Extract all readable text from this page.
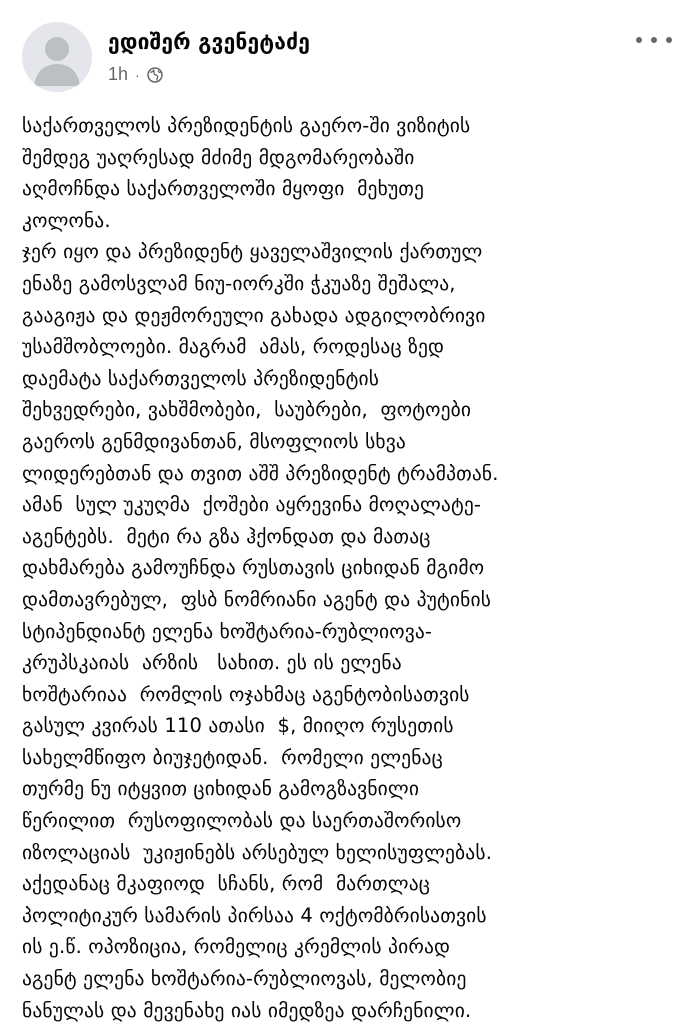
ედიშერ გვენეტაძე
1h ·
საქართველოს პრეზიდენტის გაერო-ში ვიზიტის
შემდეგ უაღრესად მძიმე მდგომარეობაში
აღმოჩნდა საქართველოში მყოფი  მეხუთე
კოლონა.
ჯერ იყო და პრეზიდენტ ყაველაშვილის ქართულ
ენაზე გამოსვლამ ნიუ-იორკში ჭკუაზე შეშალა,
გააგიჟა და დეჟმორეული გახადა ადგილობრივი
უსამშობლოები. მაგრამ  ამას, როდესაც ზედ
დაემატა საქართველოს პრეზიდენტის
შეხვედრები, ვახშმობები,  საუბრები,  ფოტოები
გაეროს გენმდივანთან, მსოფლიოს სხვა
ლიდერებთან და თვით აშშ პრეზიდენტ ტრამპთან.
ამან  სულ უკუღმა  ქოშები აყრევინა მოღალატე-
აგენტებს.  მეტი რა გზა ჰქონდათ და მათაც
დახმარება გამოუჩნდა რუსთავის ციხიდან მგიმო
დამთავრებულ,  ფსბ ნომრიანი აგენტ და პუტინის
სტიპენდიანტ ელენა ხოშტარია-რუბლიოვა-
კრუპსკაიას  არზის   სახით. ეს ის ელენა
ხოშტარიაა  რომლის ოჯახმაც აგენტობისათვის
გასულ კვირას 110 ათასი  $, მიიღო რუსეთის
სახელმწიფო ბიუჯეტიდან.  რომელი ელენაც
თურმე ნუ იტყვით ციხიდან გამოგზავნილი
წერილით  რუსოფილობას და საერთაშორისო
იზოლაციას  უკიჟინებს არსებულ ხელისუფლებას.
აქედანაც მკაფიოდ  სჩანს, რომ  მართლაც
პოლიტიკურ სამარის პირსაა 4 ოქტომბრისათვის
ის ე.წ. ოპოზიცია, რომელიც კრემლის პირად
აგენტ ელენა ხოშტარია-რუბლიოვას, მელობიე
ნანულას და მევენახე იას იმედზეა დარჩენილი.
